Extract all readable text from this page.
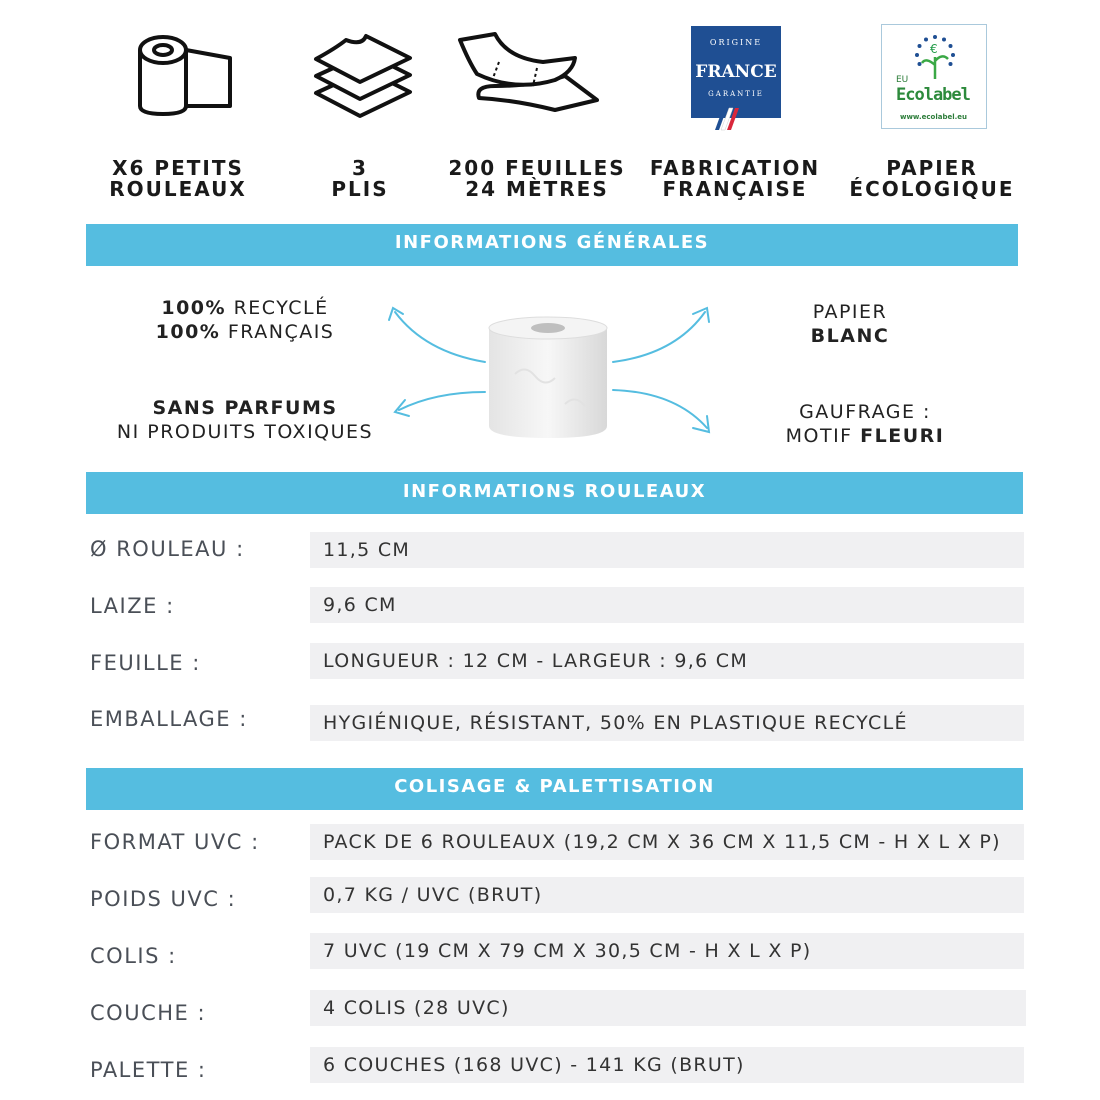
ORIGINE
FRANCE
GARANTIE
€
EU
Ecolabel
www.ecolabel.eu
X6 PETITS
ROULEAUX
3
PLIS
200 FEUILLES
24 MÈTRES
FABRICATION
FRANÇAISE
PAPIER
ÉCOLOGIQUE
INFORMATIONS GÉNÉRALES
100% RECYCLÉ
100% FRANÇAIS
SANS PARFUMS
NI PRODUITS TOXIQUES
PAPIER
BLANC
GAUFRAGE :
MOTIF FLEURI
INFORMATIONS ROULEAUX
Ø ROULEAU :	11,5 CM
LAIZE :	9,6 CM
FEUILLE :	LONGUEUR : 12 CM - LARGEUR : 9,6 CM
EMBALLAGE :	HYGIÉNIQUE, RÉSISTANT, 50% EN PLASTIQUE RECYCLÉ
COLISAGE & PALETTISATION
FORMAT UVC :	PACK DE 6 ROULEAUX (19,2 CM X 36 CM X 11,5 CM - H X L X P)
POIDS UVC :	0,7 KG / UVC (BRUT)
COLIS :	7 UVC (19 CM X 79 CM X 30,5 CM - H X L X P)
COUCHE :	4 COLIS (28 UVC)
PALETTE :	6 COUCHES (168 UVC) - 141 KG (BRUT)
